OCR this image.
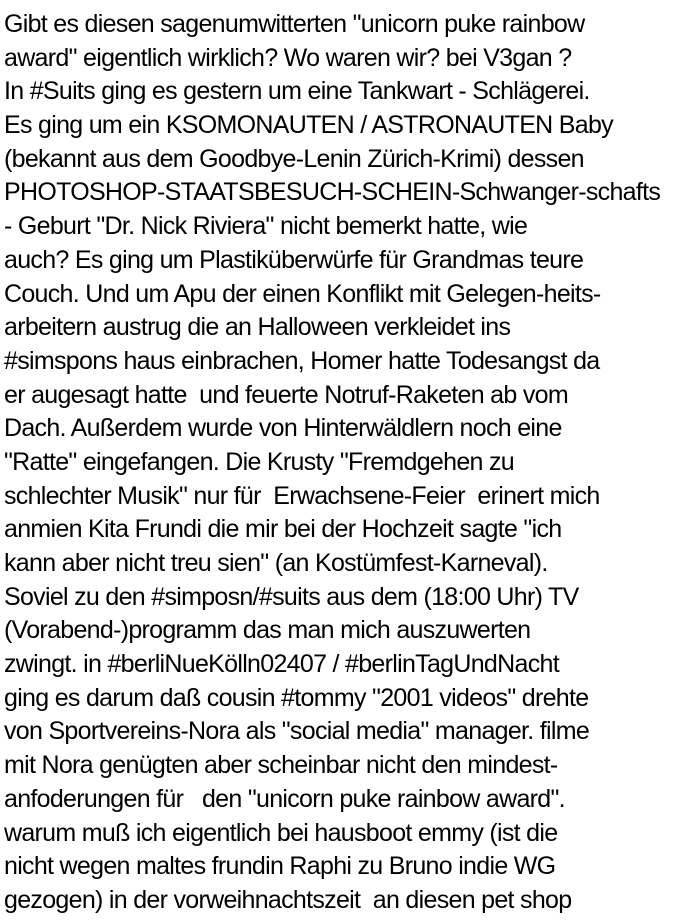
Gibt es diesen sagenumwitterten "unicorn puke rainbow
award" eigentlich wirklich? Wo waren wir? bei V3gan ?
In #Suits ging es gestern um eine Tankwart - Schlägerei.
Es ging um ein KSOMONAUTEN / ASTRONAUTEN Baby
(bekannt aus dem Goodbye-Lenin Zürich-Krimi) dessen
PHOTOSHOP-STAATSBESUCH-SCHEIN-Schwanger-schafts
- Geburt "Dr. Nick Riviera" nicht bemerkt hatte, wie
auch? Es ging um Plastiküberwürfe für Grandmas teure
Couch. Und um Apu der einen Konflikt mit Gelegen-heits-
arbeitern austrug die an Halloween verkleidet ins
#simspons haus einbrachen, Homer hatte Todesangst da
er augesagt hatte  und feuerte Notruf-Raketen ab vom
Dach. Außerdem wurde von Hinterwäldlern noch eine
"Ratte" eingefangen. Die Krusty "Fremdgehen zu
schlechter Musik" nur für  Erwachsene-Feier  erinert mich
anmien Kita Frundi die mir bei der Hochzeit sagte "ich
kann aber nicht treu sien" (an Kostümfest-Karneval).
Soviel zu den #simposn/#suits aus dem (18:00 Uhr) TV
(Vorabend-)programm das man mich auszuwerten
zwingt. in #berliNueKölln02407 / #berlinTagUndNacht
ging es darum daß cousin #tommy "2001 videos" drehte
von Sportvereins-Nora als "social media" manager. filme
mit Nora genügten aber scheinbar nicht den mindest-
anfoderungen für   den "unicorn puke rainbow award".
warum muß ich eigentlich bei hausboot emmy (ist die
nicht wegen maltes frundin Raphi zu Bruno indie WG
gezogen) in der vorweihnachtszeit  an diesen pet shop
